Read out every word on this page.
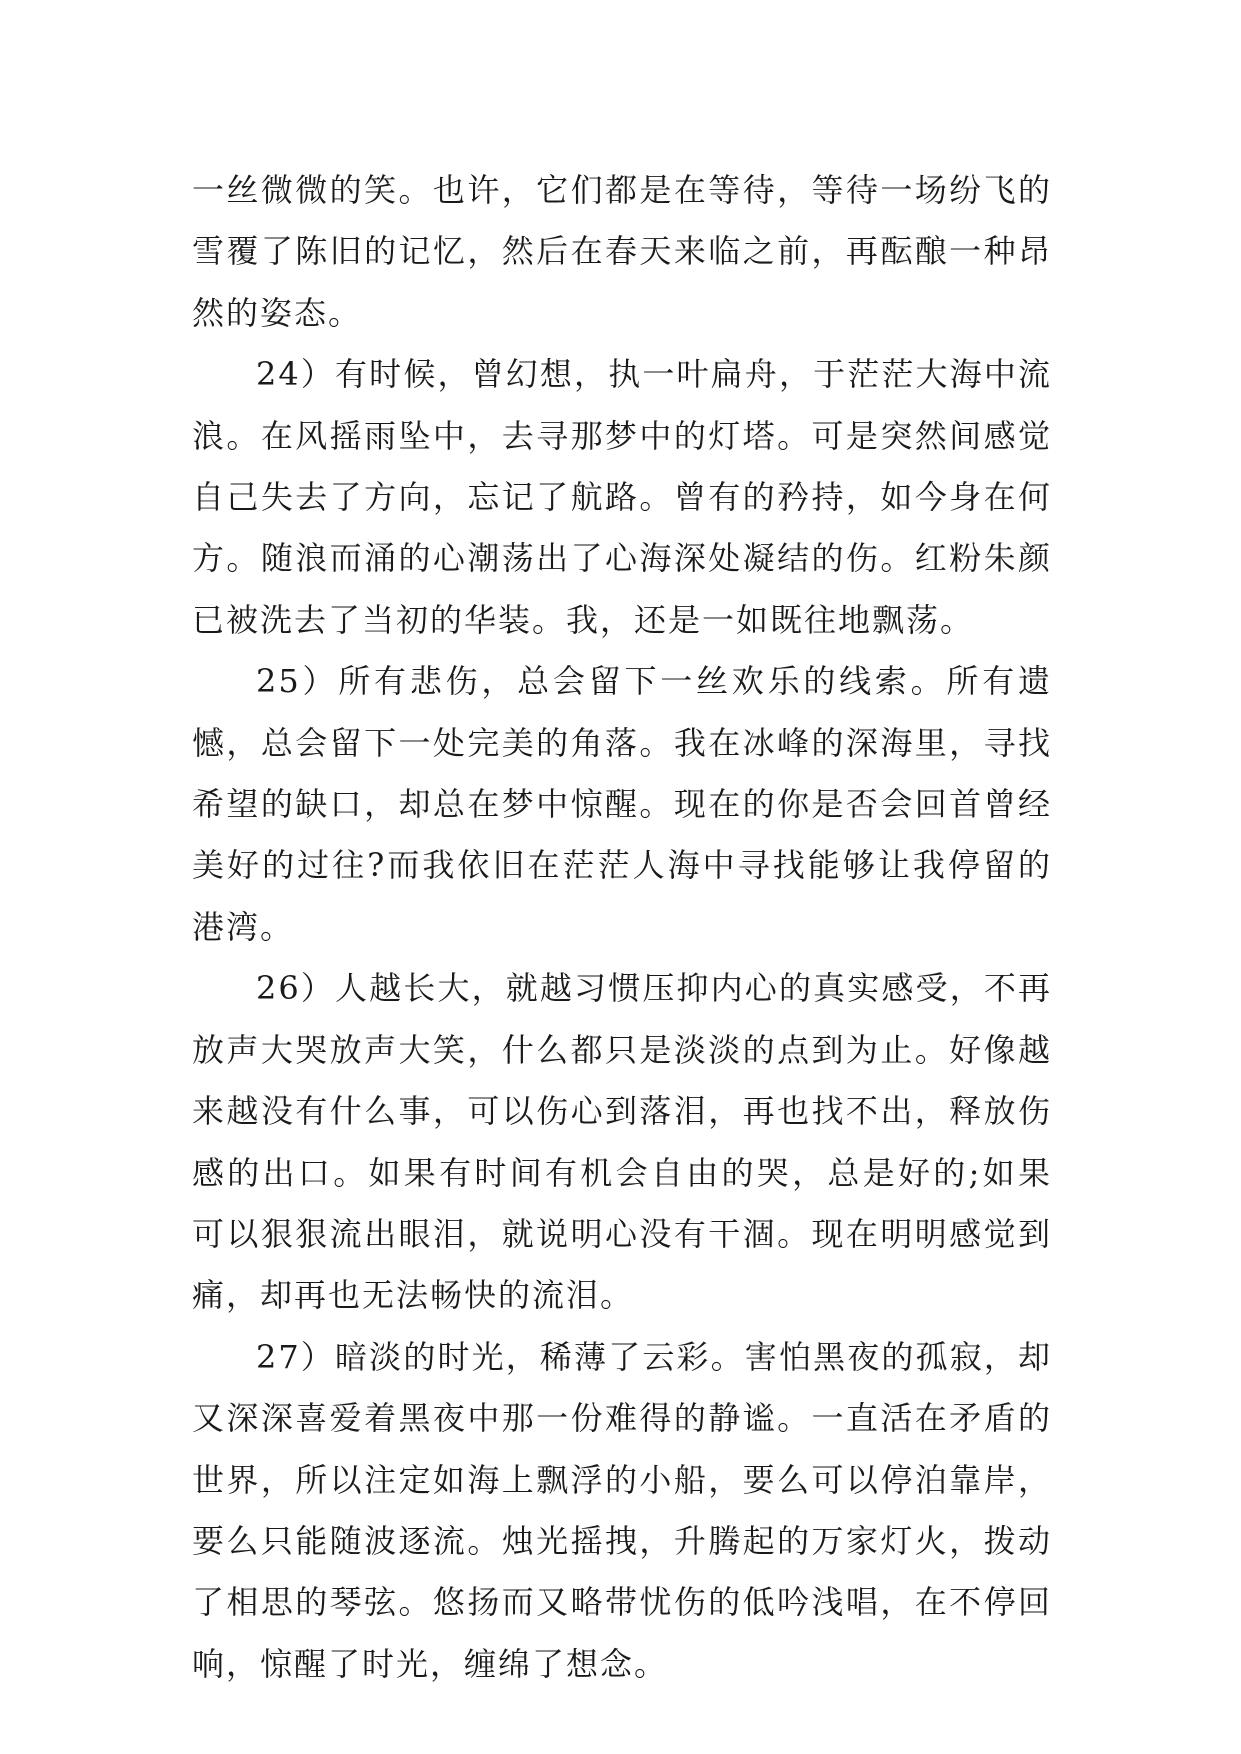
一丝微微的笑。也许，它们都是在等待，等待一场纷飞的雪覆了陈旧的记忆，然后在春天来临之前，再酝酿一种昂然的姿态。

24）有时候，曾幻想，执一叶扁舟，于茫茫大海中流浪。在风摇雨坠中，去寻那梦中的灯塔。可是突然间感觉自己失去了方向，忘记了航路。曾有的矜持，如今身在何方。随浪而涌的心潮荡出了心海深处凝结的伤。红粉朱颜已被洗去了当初的华装。我，还是一如既往地飘荡。

25）所有悲伤，总会留下一丝欢乐的线索。所有遗憾，总会留下一处完美的角落。我在冰峰的深海里，寻找希望的缺口，却总在梦中惊醒。现在的你是否会回首曾经美好的过往?而我依旧在茫茫人海中寻找能够让我停留的港湾。

26）人越长大，就越习惯压抑内心的真实感受，不再放声大哭放声大笑，什么都只是淡淡的点到为止。好像越来越没有什么事，可以伤心到落泪，再也找不出，释放伤感的出口。如果有时间有机会自由的哭，总是好的;如果可以狠狠流出眼泪，就说明心没有干涸。现在明明感觉到痛，却再也无法畅快的流泪。

27）暗淡的时光，稀薄了云彩。害怕黑夜的孤寂，却又深深喜爱着黑夜中那一份难得的静谧。一直活在矛盾的世界，所以注定如海上飘浮的小船，要么可以停泊靠岸，要么只能随波逐流。烛光摇拽，升腾起的万家灯火，拨动了相思的琴弦。悠扬而又略带忧伤的低吟浅唱，在不停回响，惊醒了时光，缠绵了想念。
